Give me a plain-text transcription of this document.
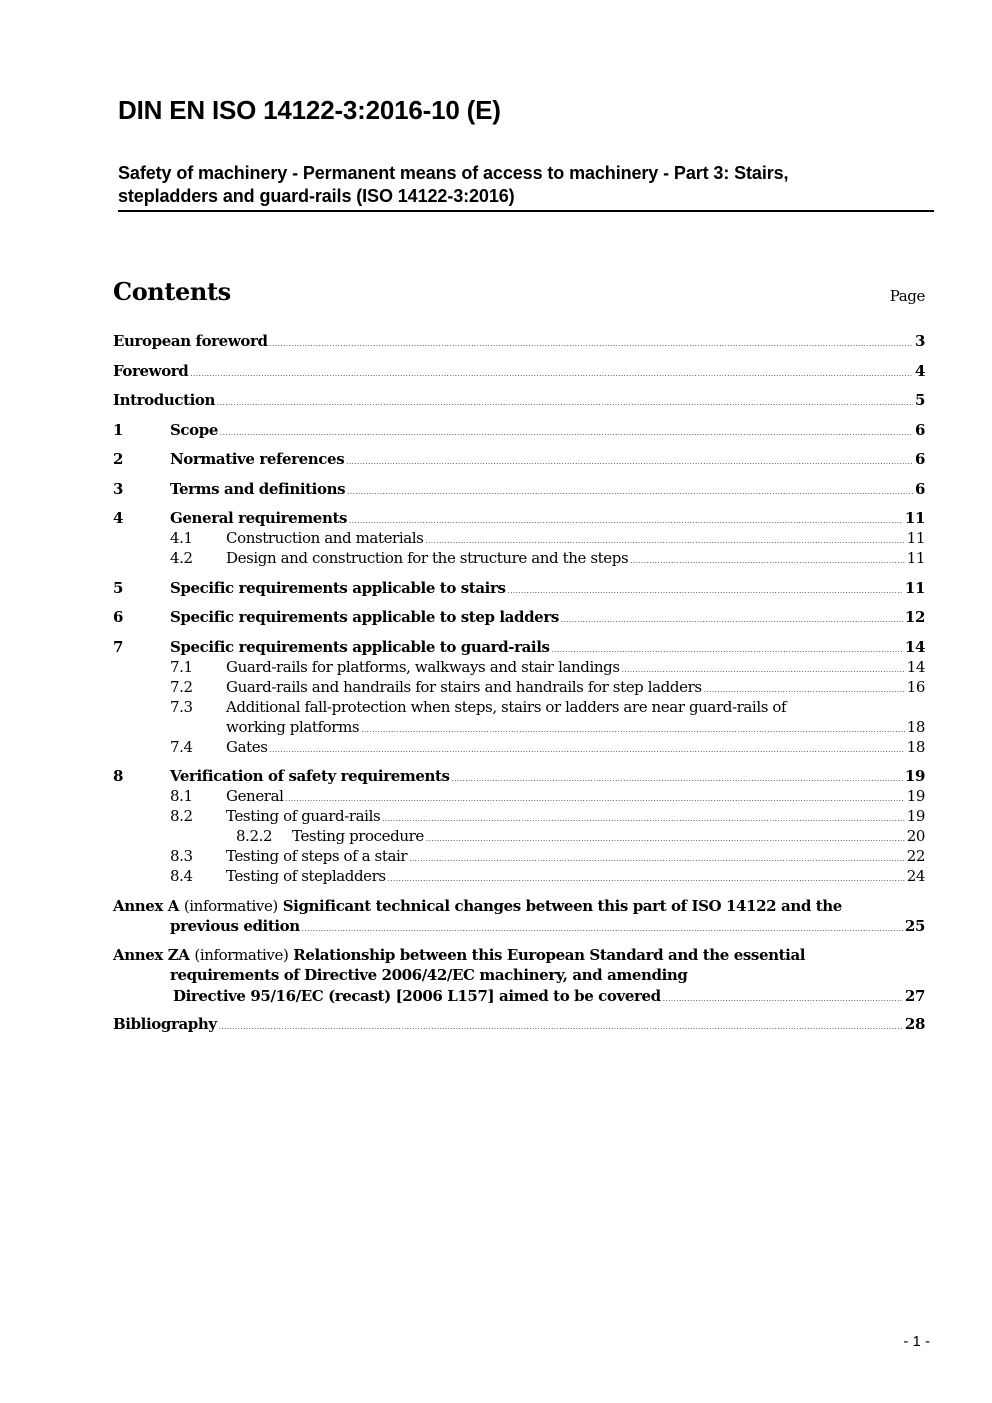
DIN EN ISO 14122-3:2016-10 (E)
Safety of machinery - Permanent means of access to machinery - Part 3: Stairs,
stepladders and guard-rails (ISO 14122-3:2016)
Contents	Page
European foreword .....	3
Foreword .....	4
Introduction .....	5
1	Scope .....	6
2	Normative references .....	6
3	Terms and definitions .....	6
4	General requirements .....	11
4.1	Construction and materials .....	11
4.2	Design and construction for the structure and the steps .....	11
5	Specific requirements applicable to stairs .....	11
6	Specific requirements applicable to step ladders .....	12
7	Specific requirements applicable to guard-rails .....	14
7.1	Guard-rails for platforms, walkways and stair landings .....	14
7.2	Guard-rails and handrails for stairs and handrails for step ladders .....	16
7.3	Additional fall-protection when steps, stairs or ladders are near guard-rails of
working platforms .....	18
7.4	Gates .....	18
8	Verification of safety requirements .....	19
8.1	General .....	19
8.2	Testing of guard-rails .....	19
8.2.2	Testing procedure .....	20
8.3	Testing of steps of a stair .....	22
8.4	Testing of stepladders .....	24
Annex A (informative) Significant technical changes between this part of ISO 14122 and the
previous edition .....	25
Annex ZA (informative) Relationship between this European Standard and the essential
requirements of Directive 2006/42/EC machinery, and amending
Directive 95/16/EC (recast) [2006 L157] aimed to be covered .....	27
Bibliography .....	28
- 1 -
